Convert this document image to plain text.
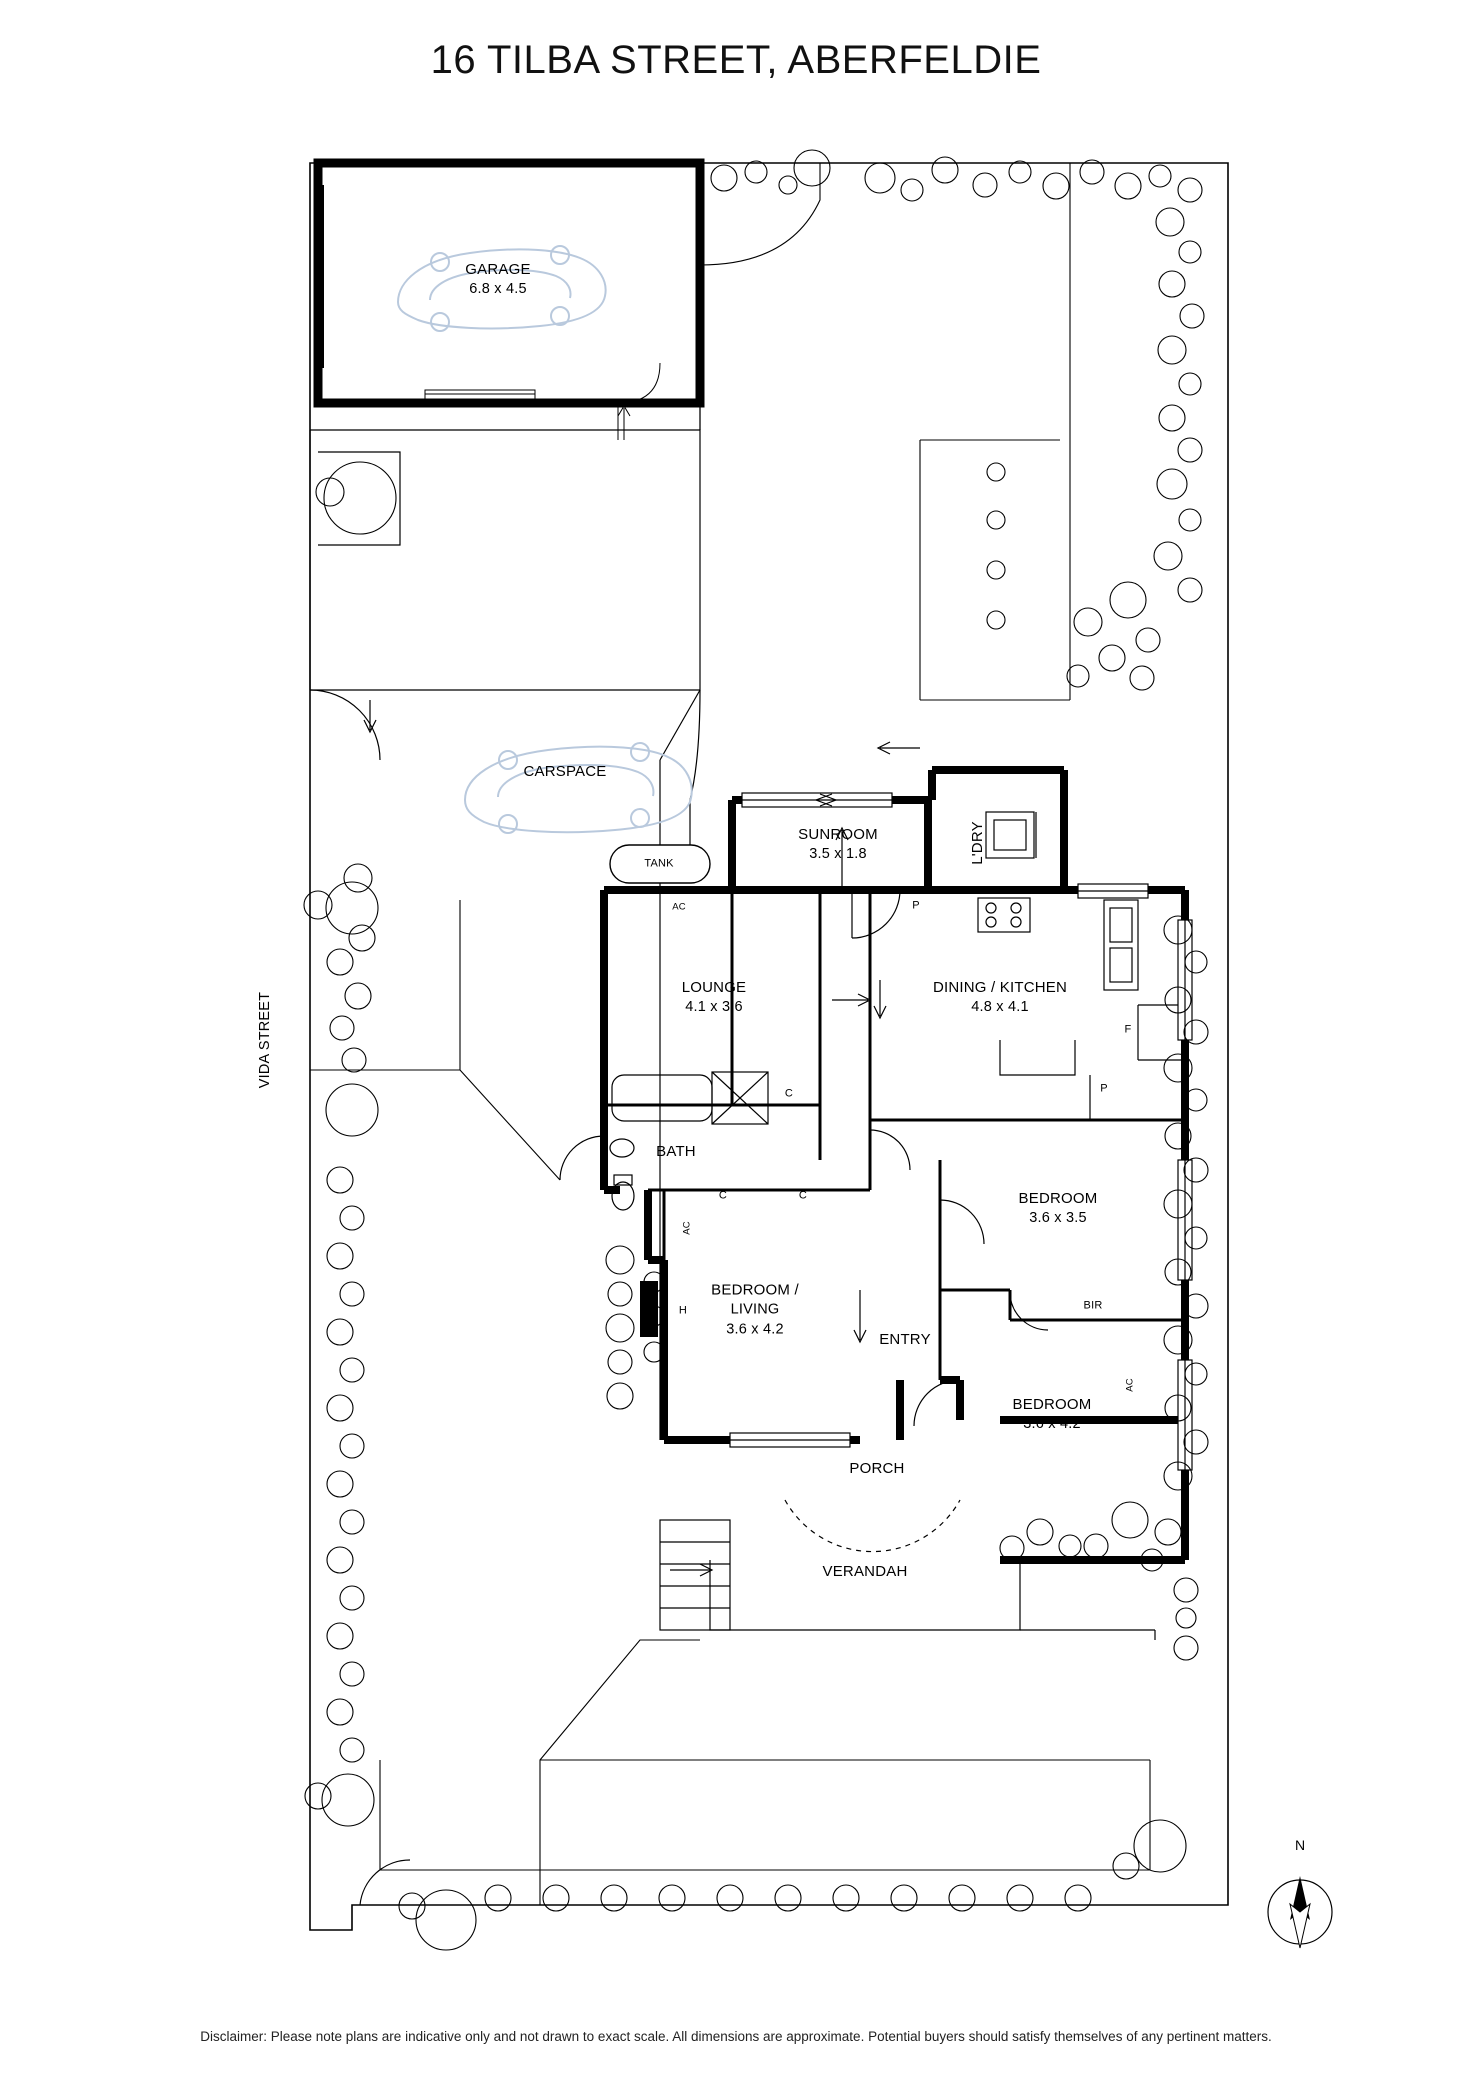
16 TILBA STREET, ABERFELDIE
GARAGE
6.8 x 4.5
CARSPACE
SUNROOM
3.5 x 1.8	L'DRY
LOUNGE
4.1 x 3.6
DINING / KITCHEN
4.8 x 4.1
BATH
BEDROOM
3.6 x 3.5
BEDROOM /
LIVING
3.6 x 4.2
ENTRY
BEDROOM
3.6 x 4.2
PORCH
VERANDAH
TANK
VIDA STREET
AC
AC
AC
C
C	C
P
P
F
H	BIR
N
Disclaimer: Please note plans are indicative only and not drawn to exact scale. All dimensions are approximate. Potential buyers should satisfy themselves of any pertinent matters.
